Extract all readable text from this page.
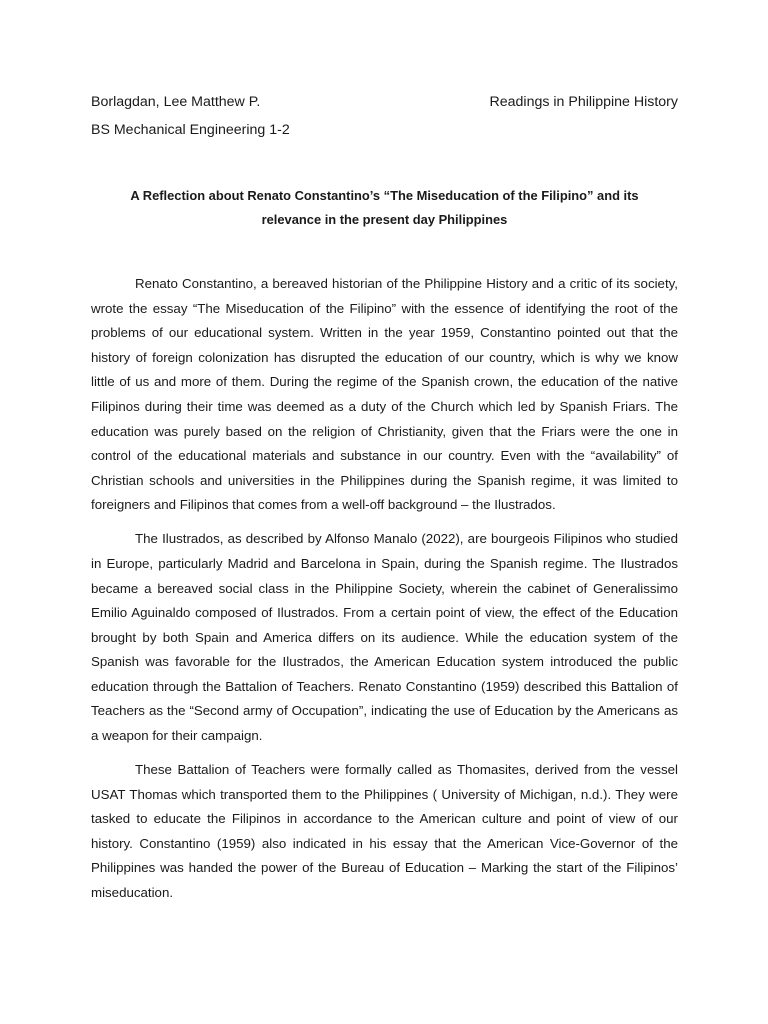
Borlagdan, Lee Matthew P.	Readings in Philippine History
BS Mechanical Engineering 1-2
A Reflection about Renato Constantino’s “The Miseducation of the Filipino” and its
relevance in the present day Philippines

Renato Constantino, a bereaved historian of the Philippine History and a critic of its society, wrote the essay “The Miseducation of the Filipino” with the essence of identifying the root of the problems of our educational system. Written in the year 1959, Constantino pointed out that the history of foreign colonization has disrupted the education of our country, which is why we know little of us and more of them. During the regime of the Spanish crown, the education of the native Filipinos during their time was deemed as a duty of the Church which led by Spanish Friars. The education was purely based on the religion of Christianity, given that the Friars were the one in control of the educational materials and substance in our country. Even with the “availability” of Christian schools and universities in the Philippines during the Spanish regime, it was limited to foreigners and Filipinos that comes from a well-off background – the Ilustrados.

The Ilustrados, as described by Alfonso Manalo (2022), are bourgeois Filipinos who studied in Europe, particularly Madrid and Barcelona in Spain, during the Spanish regime. The Ilustrados became a bereaved social class in the Philippine Society, wherein the cabinet of Generalissimo Emilio Aguinaldo composed of Ilustrados. From a certain point of view, the effect of the Education brought by both Spain and America differs on its audience. While the education system of the Spanish was favorable for the Ilustrados, the American Education system introduced the public education through the Battalion of Teachers. Renato Constantino (1959) described this Battalion of Teachers as the “Second army of Occupation”, indicating the use of Education by the Americans as a weapon for their campaign.

These Battalion of Teachers were formally called as Thomasites, derived from the vessel USAT Thomas which transported them to the Philippines ( University of Michigan, n.d.). They were tasked to educate the Filipinos in accordance to the American culture and point of view of our history. Constantino (1959) also indicated in his essay that the American Vice-Governor of the Philippines was handed the power of the Bureau of Education – Marking the start of the Filipinos’ miseducation.
